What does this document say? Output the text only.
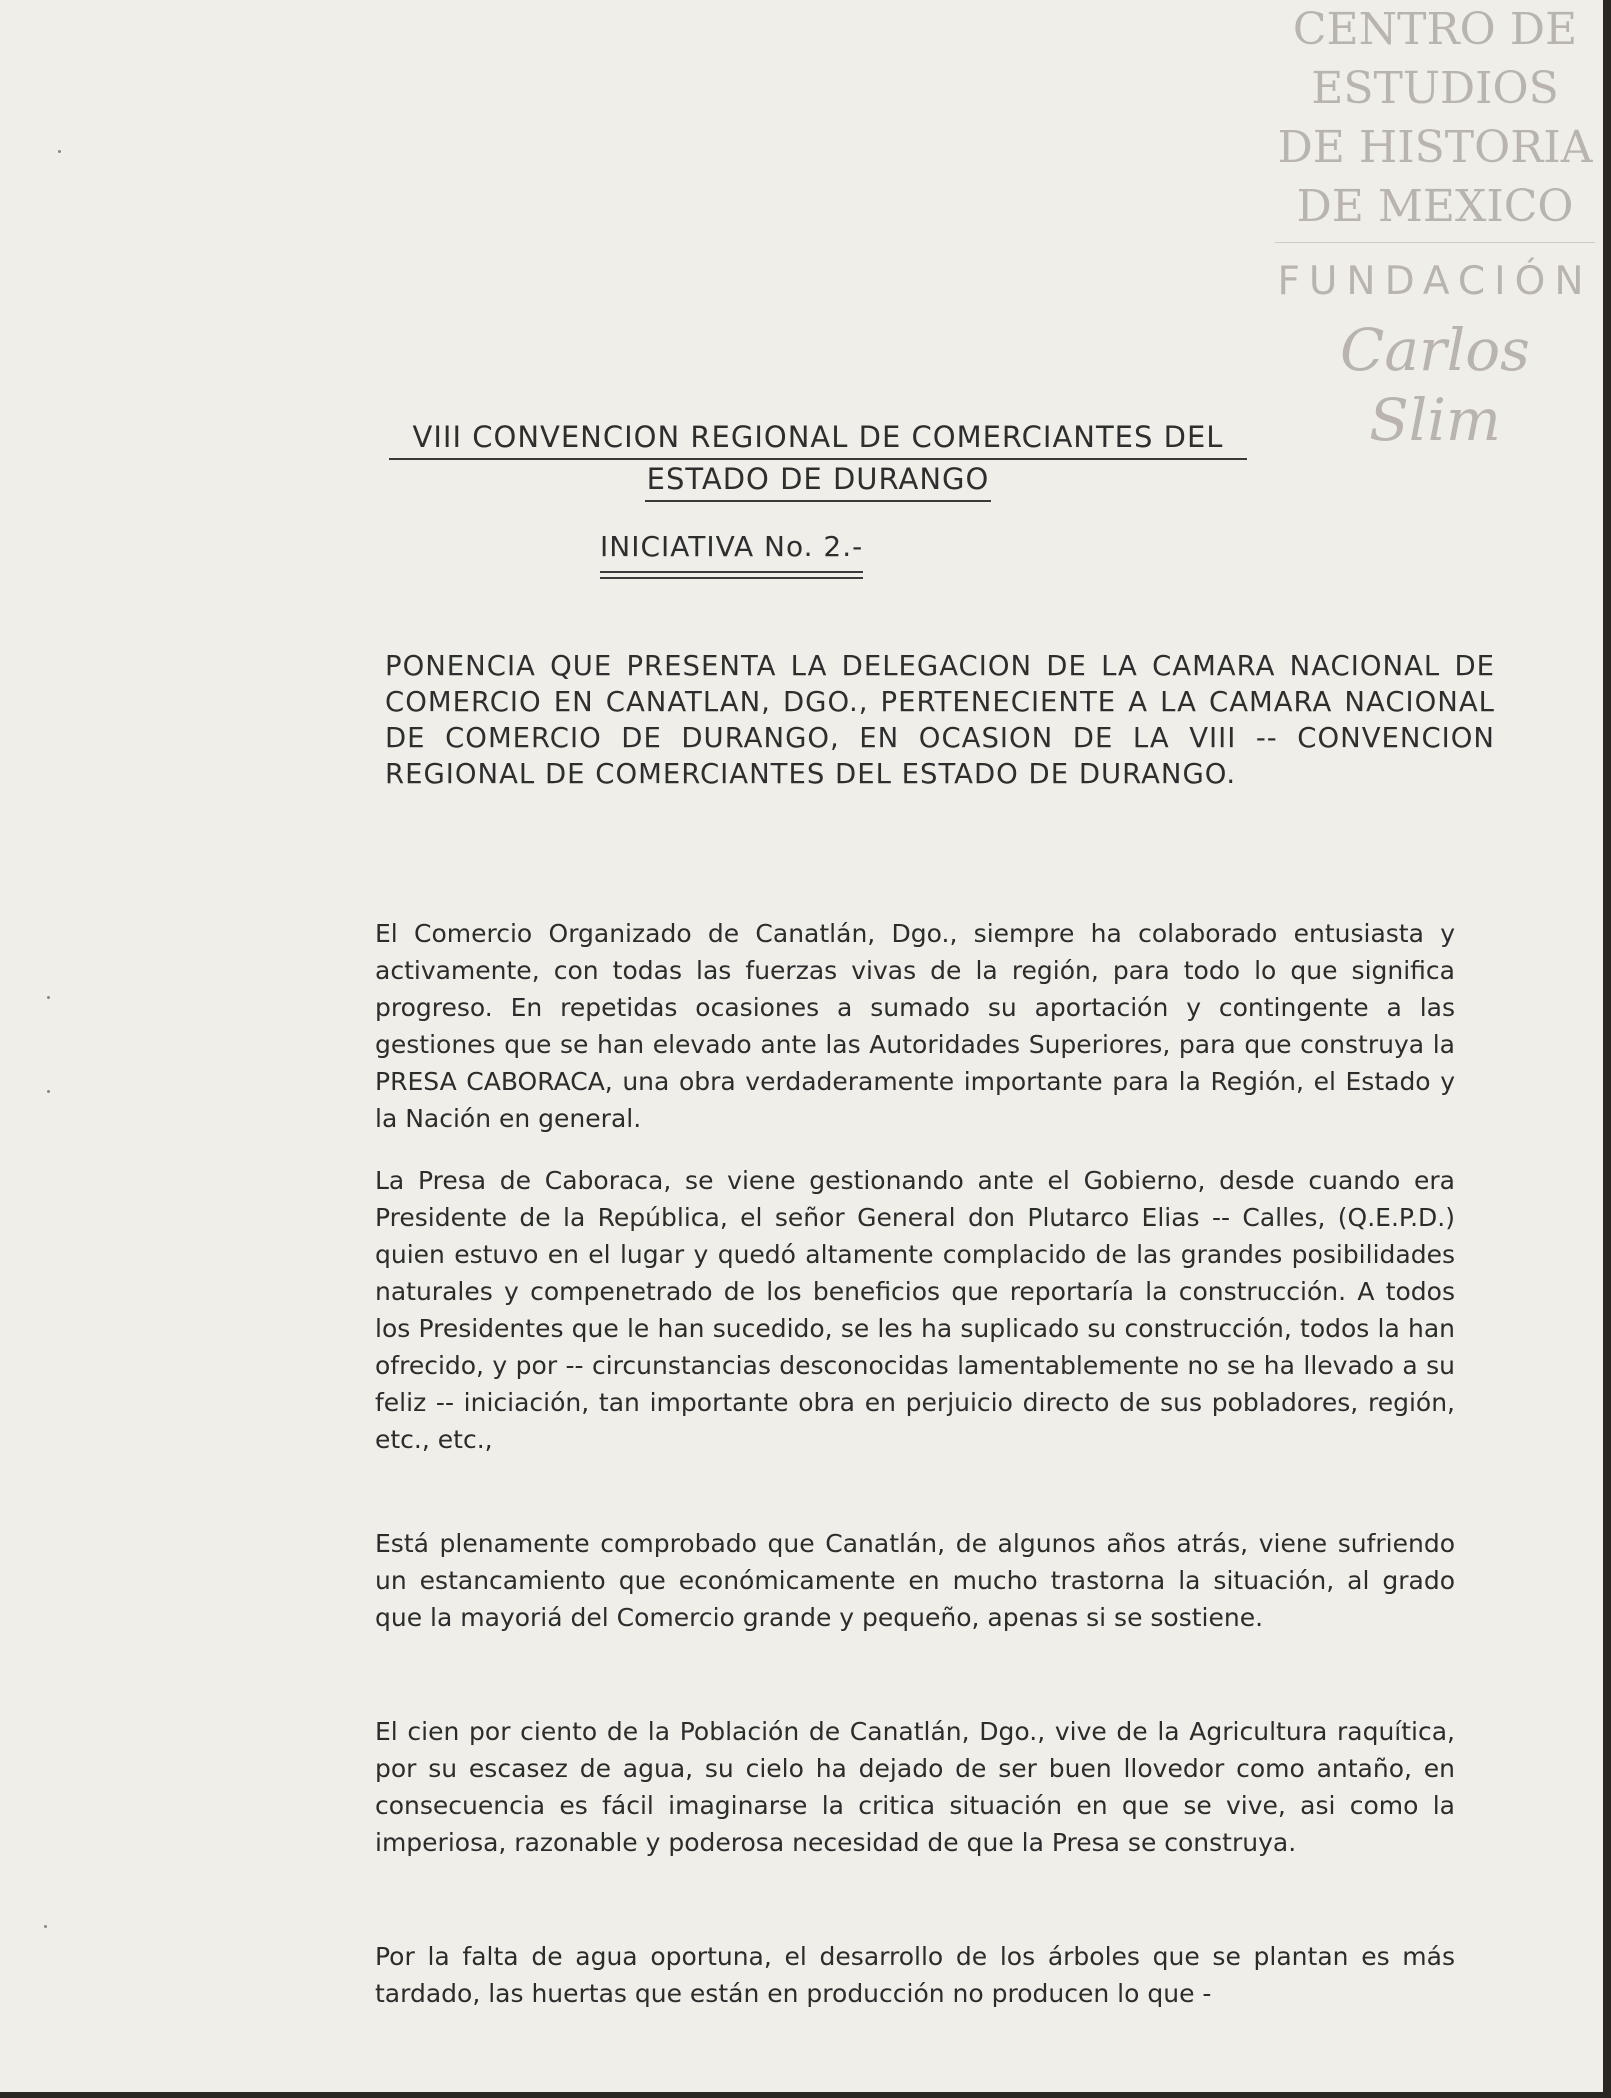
CENTRO DE
ESTUDIOS
DE HISTORIA
DE MEXICO
FUNDACIÓN
Carlos Slim
VIII CONVENCION REGIONAL DE COMERCIANTES DEL
ESTADO DE DURANGO
INICIATIVA No. 2.-
PONENCIA QUE PRESENTA LA DELEGACION DE LA CAMARA NACIONAL DE COMERCIO EN CANATLAN, DGO., PERTENECIENTE A LA CAMARA NACIONAL DE COMERCIO DE DURANGO, EN OCASION DE LA VIII -- CONVENCION REGIONAL DE COMERCIANTES DEL ESTADO DE DURANGO.

El Comercio Organizado de Canatlán, Dgo., siempre ha colaborado entusiasta y activamente, con todas las fuerzas vivas de la región, para todo lo que significa progreso. En repetidas ocasiones a sumado su aportación y contingente a las gestiones que se han elevado ante las Autoridades Superiores, para que construya la PRESA CABORACA, una obra verdaderamente importante para la Región, el Estado y la Nación en general.

La Presa de Caboraca, se viene gestionando ante el Gobierno, desde cuando era Presidente de la República, el señor General don Plutarco Elias -- Calles, (Q.E.P.D.) quien estuvo en el lugar y quedó altamente complacido de las grandes posibilidades naturales y compenetrado de los beneficios que reportaría la construcción. A todos los Presidentes que le han sucedido, se les ha suplicado su construcción, todos la han ofrecido, y por -- circunstancias desconocidas lamentablemente no se ha llevado a su feliz -- iniciación, tan importante obra en perjuicio directo de sus pobladores, región, etc., etc.,

Está plenamente comprobado que Canatlán, de algunos años atrás, viene sufriendo un estancamiento que económicamente en mucho trastorna la situación, al grado que la mayoriá del Comercio grande y pequeño, apenas si se sostiene.

El cien por ciento de la Población de Canatlán, Dgo., vive de la Agricultura raquítica, por su escasez de agua, su cielo ha dejado de ser buen llovedor como antaño, en consecuencia es fácil imaginarse la critica situación en que se vive, asi como la imperiosa, razonable y poderosa necesidad de que la Presa se construya.

Por la falta de agua oportuna, el desarrollo de los árboles que se plantan es más tardado, las huertas que están en producción no producen lo que -
